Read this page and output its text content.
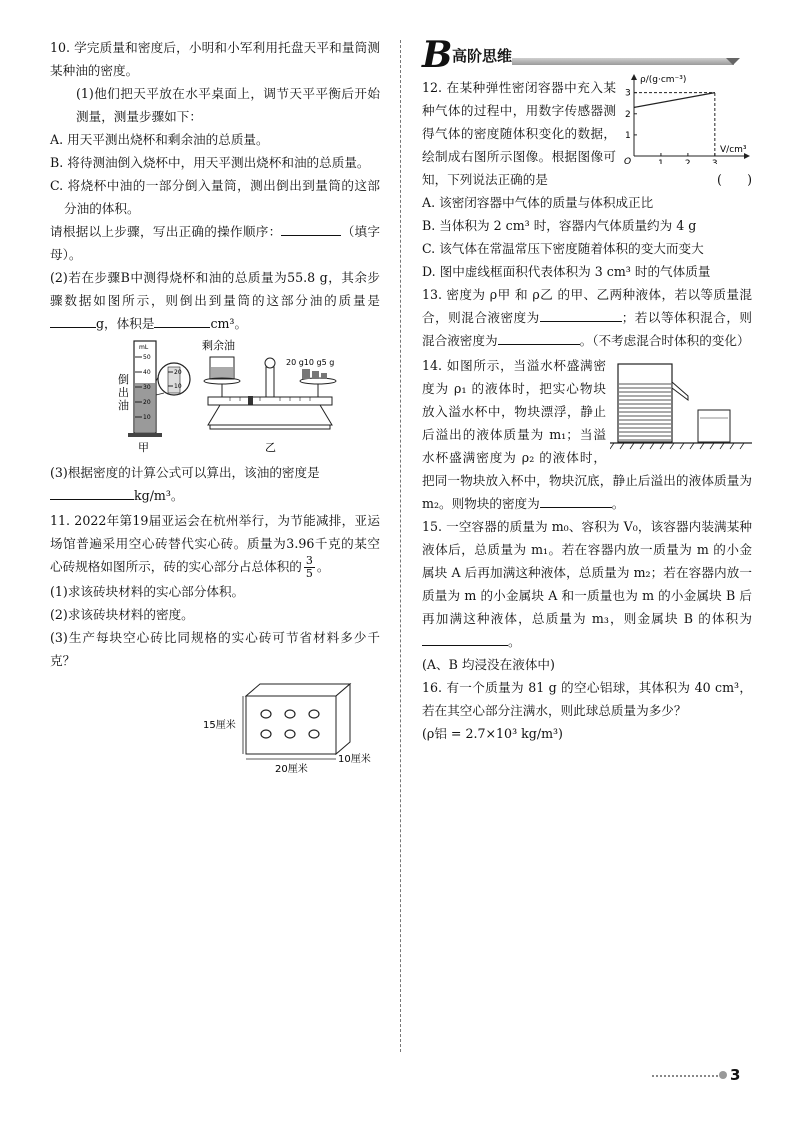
10. 学完质量和密度后，小明和小军利用托盘天平和量筒测某种油的密度。

(1)他们把天平放在水平桌面上，调节天平平衡后开始测量，测量步骤如下：

A. 用天平测出烧杯和剩余油的总质量。

B. 将待测油倒入烧杯中，用天平测出烧杯和油的总质量。

C. 将烧杯中油的一部分倒入量筒，测出倒出到量筒的这部分油的体积。

请根据以上步骤，写出正确的操作顺序：	（填字母）。

(2)若在步骤B中测得烧杯和油的总质量为55.8 g，其余步骤数据如图所示，则倒出到量筒的这部分油的质量是g，体积是	cm³。

mL
50
40
30
20
10
20
10
倒出油
甲
剩余油
20 g10 g5 g
乙

(3)根据密度的计算公式可以算出，该油的密度是

kg/m³。

11. 2022年第19届亚运会在杭州举行，为节能减排，亚运场馆普遍采用空心砖替代实心砖。质量为3.96千克的某空心砖规格如图所示，砖的实心部分占总体积的 $\frac{3}{5}$ 。

(1)求该砖块材料的实心部分体积。

(2)求该砖块材料的密度。

(3)生产每块空心砖比同规格的实心砖可节省材料多少千克？

15厘米
20厘米
10厘米
B 高阶思维
ρ/(g·cm⁻³)
V/cm³
O
1
2
3
1 2 3

12. 在某种弹性密闭容器中充入某种气体的过程中，用数字传感器测得气体的密度随体积变化的数据，绘制成右图所示图像。根据图像可知，下列说法正确的是	(　　)

A. 该密闭容器中气体的质量与体积成正比

B. 当体积为 2 cm³ 时，容器内气体质量约为 4 g

C. 该气体在常温常压下密度随着体积的变大而变大

D. 图中虚线框面积代表体积为 3 cm³ 时的气体质量

13. 密度为 ρ甲 和 ρ乙 的甲、乙两种液体，若以等质量混合，则混合液密度为	；若以等体积混合，则混合液密度为	。（不考虑混合时体积的变化）

14. 如图所示，当溢水杯盛满密度为 ρ₁ 的液体时，把实心物块放入溢水杯中，物块漂浮，静止后溢出的液体质量为 m₁；当溢水杯盛满密度为 ρ₂ 的液体时，把同一物块放入杯中，物块沉底，静止后溢出的液体质量为 m₂。则物块的密度为	。

15. 一空容器的质量为 m₀、容积为 V₀，该容器内装满某种液体后，总质量为 m₁。若在容器内放一质量为 m 的小金属块 A 后再加满这种液体，总质量为 m₂；若在容器内放一质量为 m 的小金属块 A 和一质量也为 m 的小金属块 B 后再加满这种液体，总质量为 m₃，则金属块 B 的体积为。

(A、B 均浸没在液体中)

16. 有一个质量为 81 g 的空心铝球，其体积为 40 cm³，若在其空心部分注满水，则此球总质量为多少？

(ρ铝 = 2.7×10³ kg/m³)

3
